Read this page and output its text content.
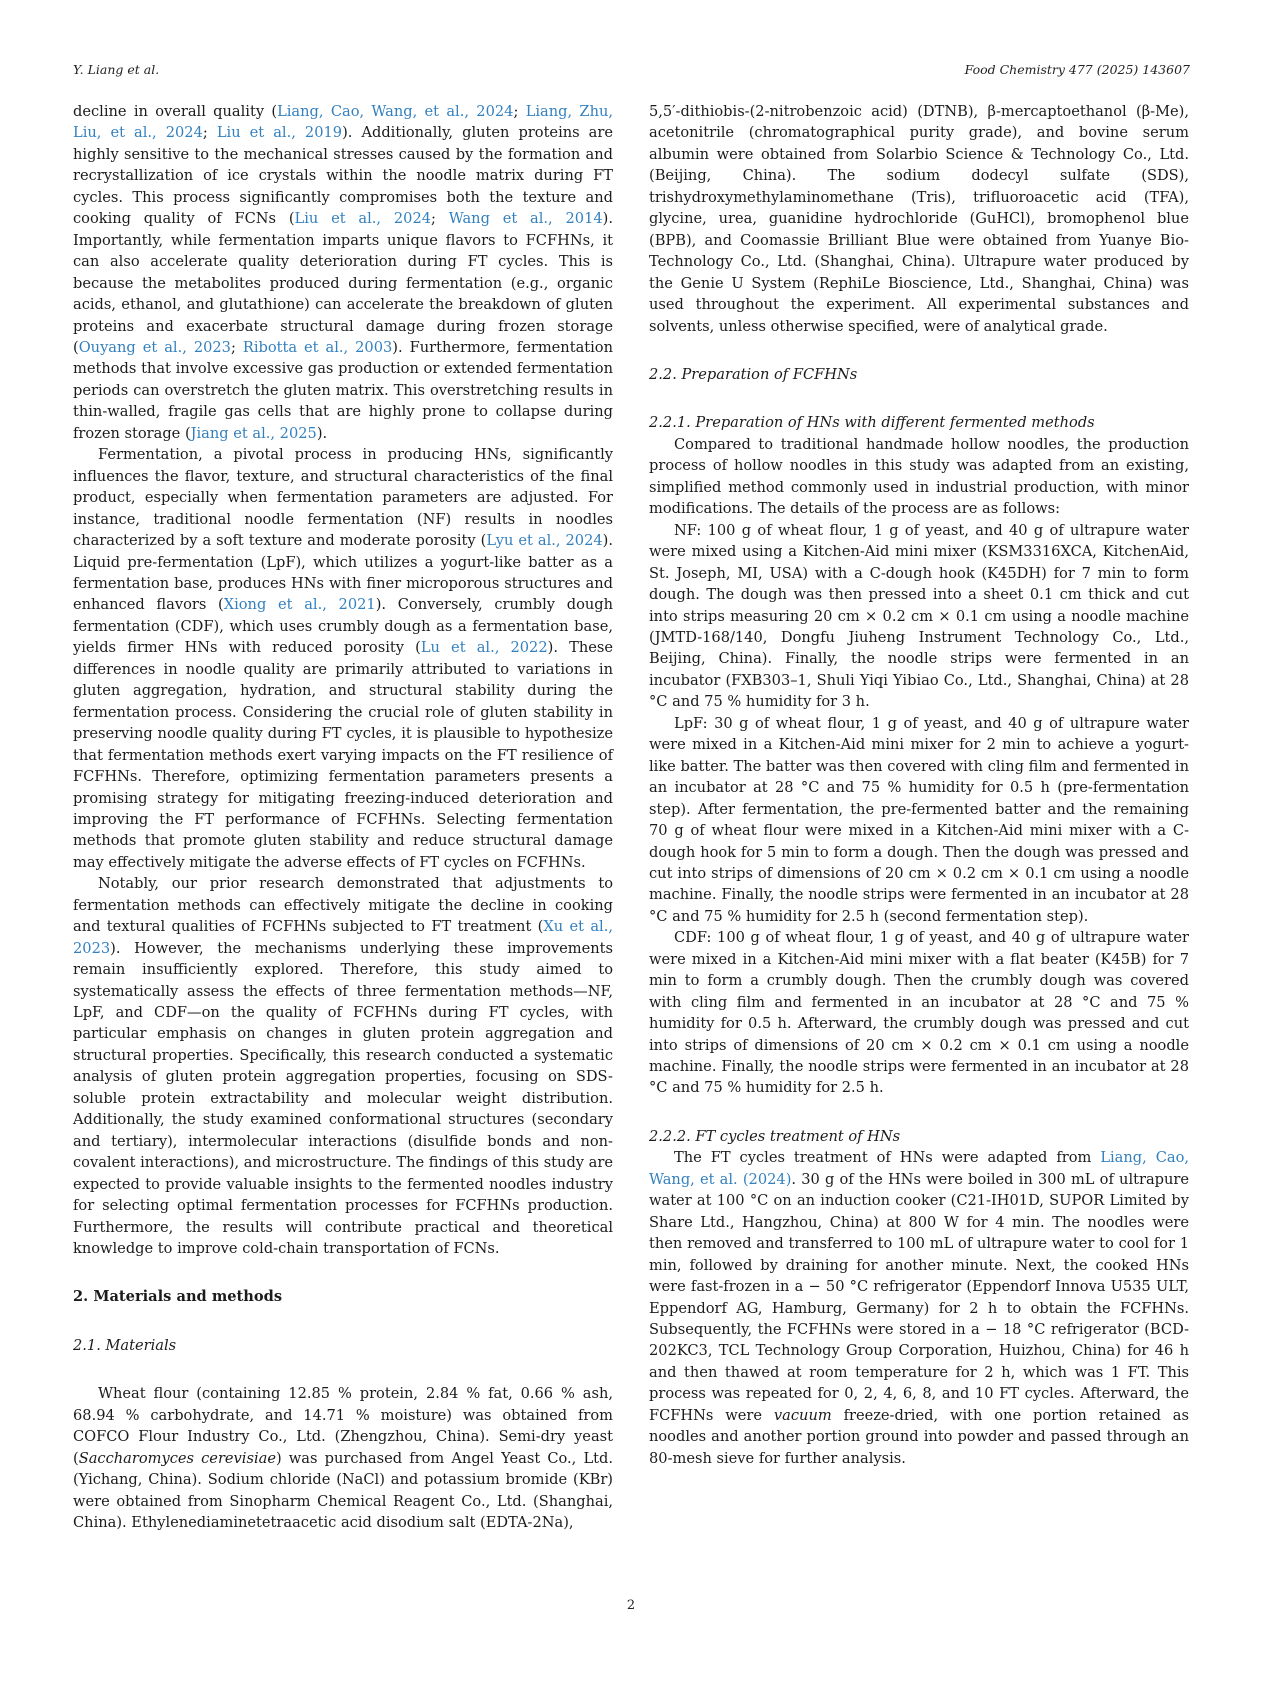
Y. Liang et al.	Food Chemistry 477 (2025) 143607
decline in overall quality (Liang, Cao, Wang, et al., 2024; Liang, Zhu, Liu, et al., 2024; Liu et al., 2019). Additionally, gluten proteins are highly sensitive to the mechanical stresses caused by the formation and recrystallization of ice crystals within the noodle matrix during FT cycles. This process significantly compromises both the texture and cooking quality of FCNs (Liu et al., 2024; Wang et al., 2014). Importantly, while fermentation imparts unique flavors to FCFHNs, it can also accelerate quality deterioration during FT cycles. This is because the metabolites produced during fermentation (e.g., organic acids, ethanol, and glutathione) can accelerate the breakdown of gluten proteins and exacerbate structural damage during frozen storage (Ouyang et al., 2023; Ribotta et al., 2003). Furthermore, fermentation methods that involve excessive gas production or extended fermentation periods can overstretch the gluten matrix. This overstretching results in thin-walled, fragile gas cells that are highly prone to collapse during frozen storage (Jiang et al., 2025).
Fermentation, a pivotal process in producing HNs, significantly influences the flavor, texture, and structural characteristics of the final product, especially when fermentation parameters are adjusted. For instance, traditional noodle fermentation (NF) results in noodles characterized by a soft texture and moderate porosity (Lyu et al., 2024). Liquid pre-fermentation (LpF), which utilizes a yogurt-like batter as a fermentation base, produces HNs with finer microporous structures and enhanced flavors (Xiong et al., 2021). Conversely, crumbly dough fermentation (CDF), which uses crumbly dough as a fermentation base, yields firmer HNs with reduced porosity (Lu et al., 2022). These differences in noodle quality are primarily attributed to variations in gluten aggregation, hydration, and structural stability during the fermentation process. Considering the crucial role of gluten stability in preserving noodle quality during FT cycles, it is plausible to hypothesize that fermentation methods exert varying impacts on the FT resilience of FCFHNs. Therefore, optimizing fermentation parameters presents a promising strategy for mitigating freezing-induced deterioration and improving the FT performance of FCFHNs. Selecting fermentation methods that promote gluten stability and reduce structural damage may effectively mitigate the adverse effects of FT cycles on FCFHNs.
Notably, our prior research demonstrated that adjustments to fermentation methods can effectively mitigate the decline in cooking and textural qualities of FCFHNs subjected to FT treatment (Xu et al., 2023). However, the mechanisms underlying these improvements remain insufficiently explored. Therefore, this study aimed to systematically assess the effects of three fermentation methods—NF, LpF, and CDF—on the quality of FCFHNs during FT cycles, with particular emphasis on changes in gluten protein aggregation and structural properties. Specifically, this research conducted a systematic analysis of gluten protein aggregation properties, focusing on SDS-soluble protein extractability and molecular weight distribution. Additionally, the study examined conformational structures (secondary and tertiary), intermolecular interactions (disulfide bonds and non-covalent interactions), and microstructure. The findings of this study are expected to provide valuable insights to the fermented noodles industry for selecting optimal fermentation processes for FCFHNs production. Furthermore, the results will contribute practical and theoretical knowledge to improve cold-chain transportation of FCNs.
2. Materials and methods
2.1. Materials
Wheat flour (containing 12.85 % protein, 2.84 % fat, 0.66 % ash, 68.94 % carbohydrate, and 14.71 % moisture) was obtained from COFCO Flour Industry Co., Ltd. (Zhengzhou, China). Semi-dry yeast (Saccharomyces cerevisiae) was purchased from Angel Yeast Co., Ltd. (Yichang, China). Sodium chloride (NaCl) and potassium bromide (KBr) were obtained from Sinopharm Chemical Reagent Co., Ltd. (Shanghai, China). Ethylenediaminetetraacetic acid disodium salt (EDTA-2Na),
5,5′-dithiobis-(2-nitrobenzoic acid) (DTNB), β-mercaptoethanol (β-Me), acetonitrile (chromatographical purity grade), and bovine serum albumin were obtained from Solarbio Science & Technology Co., Ltd. (Beijing, China). The sodium dodecyl sulfate (SDS), trishydroxymethylaminomethane (Tris), trifluoroacetic acid (TFA), glycine, urea, guanidine hydrochloride (GuHCl), bromophenol blue (BPB), and Coomassie Brilliant Blue were obtained from Yuanye Bio-Technology Co., Ltd. (Shanghai, China). Ultrapure water produced by the Genie U System (RephiLe Bioscience, Ltd., Shanghai, China) was used throughout the experiment. All experimental substances and solvents, unless otherwise specified, were of analytical grade.
2.2. Preparation of FCFHNs
2.2.1. Preparation of HNs with different fermented methods
Compared to traditional handmade hollow noodles, the production process of hollow noodles in this study was adapted from an existing, simplified method commonly used in industrial production, with minor modifications. The details of the process are as follows:
NF: 100 g of wheat flour, 1 g of yeast, and 40 g of ultrapure water were mixed using a Kitchen-Aid mini mixer (KSM3316XCA, KitchenAid, St. Joseph, MI, USA) with a C-dough hook (K45DH) for 7 min to form dough. The dough was then pressed into a sheet 0.1 cm thick and cut into strips measuring 20 cm × 0.2 cm × 0.1 cm using a noodle machine (JMTD-168/140, Dongfu Jiuheng Instrument Technology Co., Ltd., Beijing, China). Finally, the noodle strips were fermented in an incubator (FXB303–1, Shuli Yiqi Yibiao Co., Ltd., Shanghai, China) at 28 °C and 75 % humidity for 3 h.
LpF: 30 g of wheat flour, 1 g of yeast, and 40 g of ultrapure water were mixed in a Kitchen-Aid mini mixer for 2 min to achieve a yogurt-like batter. The batter was then covered with cling film and fermented in an incubator at 28 °C and 75 % humidity for 0.5 h (pre-fermentation step). After fermentation, the pre-fermented batter and the remaining 70 g of wheat flour were mixed in a Kitchen-Aid mini mixer with a C-dough hook for 5 min to form a dough. Then the dough was pressed and cut into strips of dimensions of 20 cm × 0.2 cm × 0.1 cm using a noodle machine. Finally, the noodle strips were fermented in an incubator at 28 °C and 75 % humidity for 2.5 h (second fermentation step).
CDF: 100 g of wheat flour, 1 g of yeast, and 40 g of ultrapure water were mixed in a Kitchen-Aid mini mixer with a flat beater (K45B) for 7 min to form a crumbly dough. Then the crumbly dough was covered with cling film and fermented in an incubator at 28 °C and 75 % humidity for 0.5 h. Afterward, the crumbly dough was pressed and cut into strips of dimensions of 20 cm × 0.2 cm × 0.1 cm using a noodle machine. Finally, the noodle strips were fermented in an incubator at 28 °C and 75 % humidity for 2.5 h.
2.2.2. FT cycles treatment of HNs
The FT cycles treatment of HNs were adapted from Liang, Cao, Wang, et al. (2024). 30 g of the HNs were boiled in 300 mL of ultrapure water at 100 °C on an induction cooker (C21-IH01D, SUPOR Limited by Share Ltd., Hangzhou, China) at 800 W for 4 min. The noodles were then removed and transferred to 100 mL of ultrapure water to cool for 1 min, followed by draining for another minute. Next, the cooked HNs were fast-frozen in a − 50 °C refrigerator (Eppendorf Innova U535 ULT, Eppendorf AG, Hamburg, Germany) for 2 h to obtain the FCFHNs. Subsequently, the FCFHNs were stored in a − 18 °C refrigerator (BCD-202KC3, TCL Technology Group Corporation, Huizhou, China) for 46 h and then thawed at room temperature for 2 h, which was 1 FT. This process was repeated for 0, 2, 4, 6, 8, and 10 FT cycles. Afterward, the FCFHNs were vacuum freeze-dried, with one portion retained as noodles and another portion ground into powder and passed through an 80-mesh sieve for further analysis.
2
